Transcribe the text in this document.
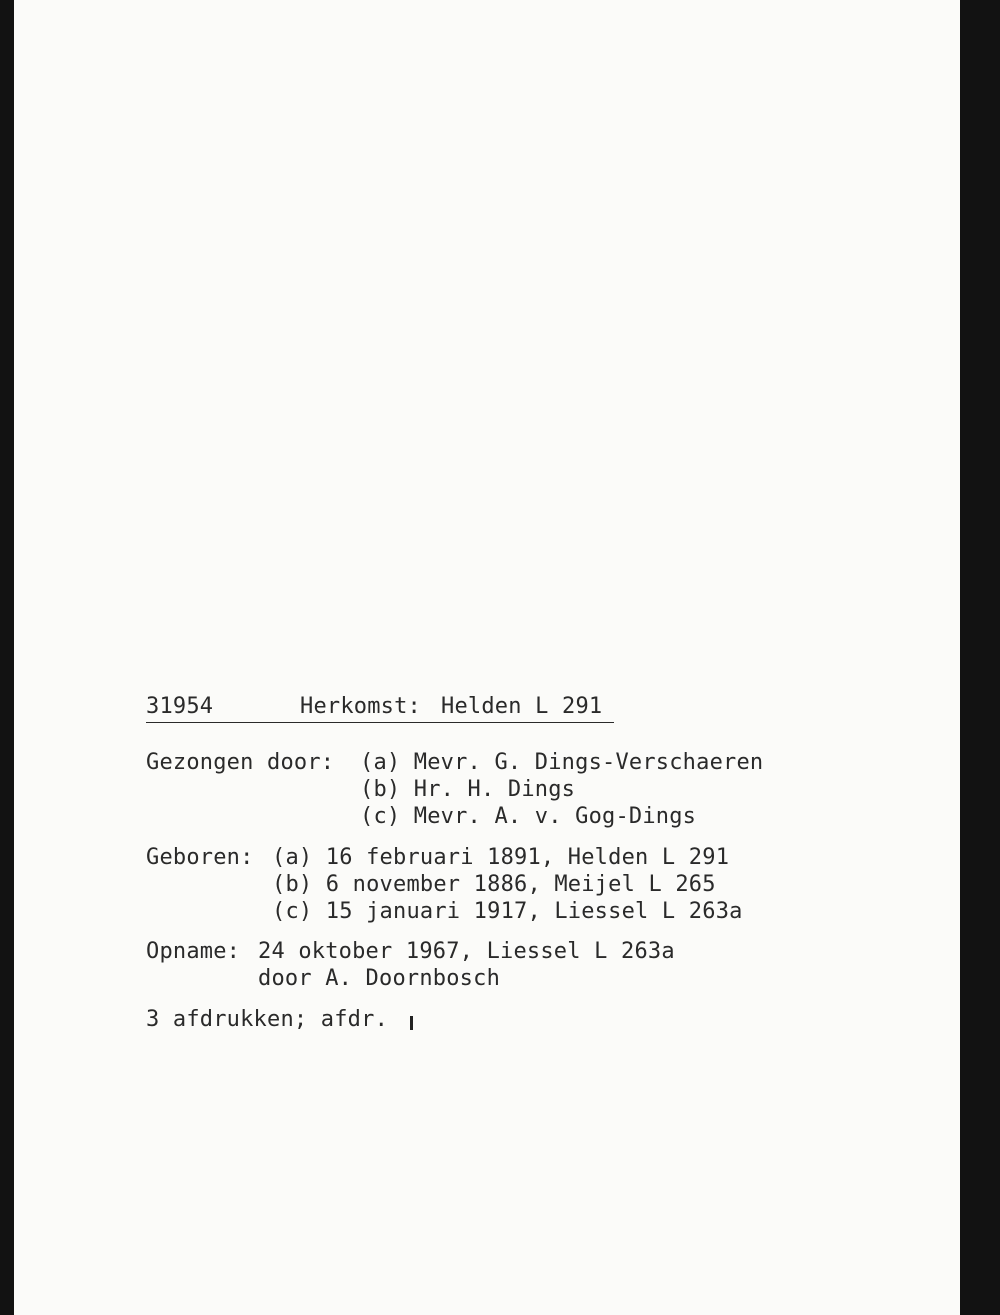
31954	Herkomst: Helden L 291

Gezongen door: (a) Mevr. G. Dings-Verschaeren

(b) Hr. H. Dings

(c) Mevr. A. v. Gog-Dings

Geboren: (a) 16 februari 1891, Helden L 291

(b) 6 november 1886, Meijel L 265

(c) 15 januari 1917, Liessel L 263a

Opname: 24 oktober 1967, Liessel L 263a

door A. Doornbosch

3 afdrukken; afdr.
